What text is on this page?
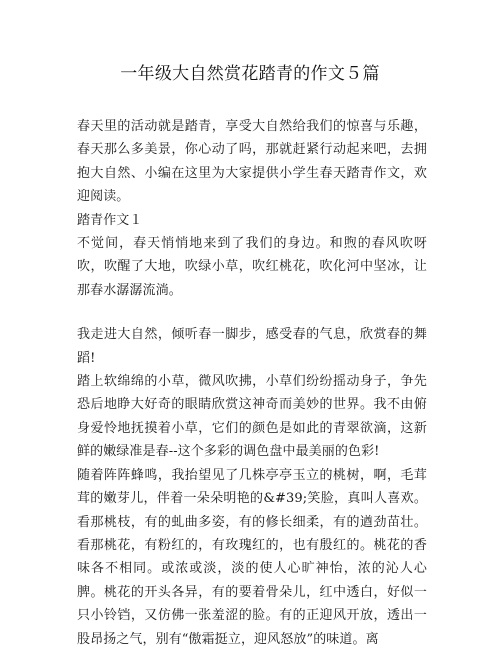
一年级大自然赏花踏青的作文５篇

春天里的活动就是踏青，享受大自然给我们的惊喜与乐趣，春天那么多美景，你心动了吗，那就赶紧行动起来吧，去拥抱大自然、小编在这里为大家提供小学生春天踏青作文，欢迎阅读。

踏青作文１

不觉间，春天悄悄地来到了我们的身边。和煦的春风吹呀吹，吹醒了大地，吹绿小草，吹红桃花，吹化河中坚冰，让那春水潺潺流淌。

我走进大自然，倾听春一脚步，感受春的气息，欣赏春的舞蹈!

踏上软绵绵的小草，微风吹拂，小草们纷纷摇动身子，争先恐后地睁大好奇的眼睛欣赏这神奇而美妙的世界。我不由俯身爱怜地抚摸着小草，它们的颜色是如此的青翠欲滴，这新鲜的嫩绿准是春--这个多彩的调色盘中最美丽的色彩!

随着阵阵蜂鸣，我抬望见了几株亭亭玉立的桃树，啊，毛茸茸的嫩芽儿，伴着一朵朵明艳的&#39;笑脸，真叫人喜欢。看那桃枝，有的虬曲多姿，有的修长细柔，有的遒劲苗壮。看那桃花，有粉红的，有玫瑰红的，也有殷红的。桃花的香味各不相同。或浓或淡，淡的使人心旷神怡，浓的沁人心脾。桃花的开头各异，有的要着骨朵儿，红中透白，好似一只小铃铛，又仿佛一张羞涩的脸。有的正迎风开放，透出一股昂扬之气，别有“傲霜挺立，迎风怒放”的味道。离
